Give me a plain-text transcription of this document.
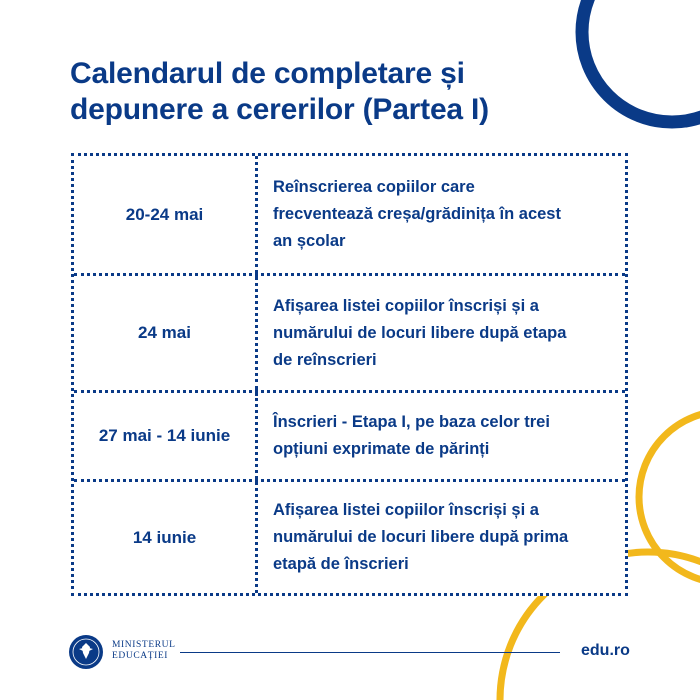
Calendarul de completare și
depunere a cererilor (Partea I)
20-24 mai
Reînscrierea copiilor care
frecventează creșa/grădinița în acest
an școlar
24 mai
Afișarea listei copiilor înscriși și a
numărului de locuri libere după etapa
de reînscrieri
27 mai - 14 iunie
Înscrieri - Etapa I, pe baza celor trei
opțiuni exprimate de părinți
14 iunie
Afișarea listei copiilor înscriși și a
numărului de locuri libere după prima
etapă de înscrieri
MINISTERUL
EDUCAȚIEI	edu.ro
